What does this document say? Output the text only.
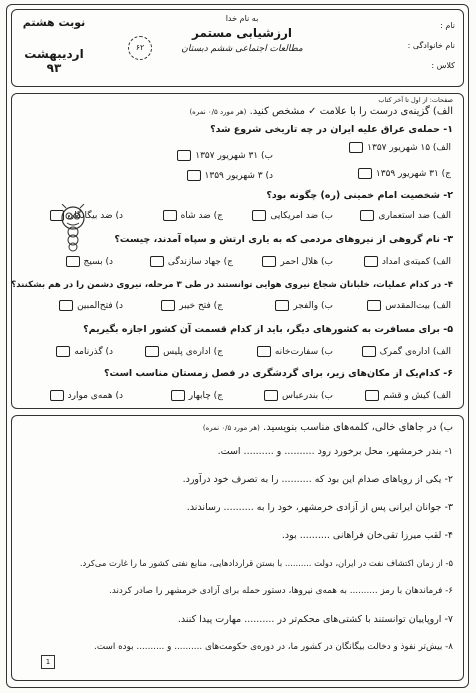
نام :
نام خانوادگی :
کلاس :
به نام خدا
ارزشیابی مستمر
مطالعات اجتماعی ششم دبستان
۶۲
نوبت هشتم
اردیبهشت ۹۳
صفحات: از اول تا آخر کتاب
الف) گزینه‌ی درست را با علامت ✓ مشخص کنید. (هر مورد ۰/۵ نمره)
۱- حمله‌ی عراق علیه ایران در چه تاریخی شروع شد؟
الف) ۱۵ شهریور ۱۳۵۷
ب) ۳۱ شهریور ۱۳۵۷
ج) ۳۱ شهریور ۱۳۵۹
د) ۳ شهریور ۱۳۵۹
۲- شخصیت امام خمینی (ره) چگونه بود؟
الف) ضد استعماری
ب) ضد امریکایی
ج) ضد شاه
د) ضد بیگانگان
۳- نام گروهی از نیروهای مردمی که به یاری ارتش و سپاه آمدند، چیست؟
الف) کمیته‌ی امداد
ب) هلال احمر
ج) جهاد سازندگی
د) بسیج
۴- در کدام عملیات، خلبانان شجاع نیروی هوایی توانستند در طی ۳ مرحله، نیروی دشمن را در هم بشکنند؟
الف) بیت‌المقدس
ب) والفجر
ج) فتح خیبر
د) فتح‌المبین
۵- برای مسافرت به کشورهای دیگر، باید از کدام قسمت آن کشور اجازه بگیریم؟
الف) اداره‌ی گمرک
ب) سفارت‌خانه
ج) اداره‌ی پلیس
د) گذرنامه
۶- کدام‌یک از مکان‌های زیر، برای گردشگری در فصل زمستان مناسب است؟
الف) کیش و قشم
ب) بندرعباس
ج) چابهار
د) همه‌ی موارد
ب) در جاهای خالی، کلمه‌های مناسب بنویسید. (هر مورد ۰/۵ نمره)
۱- بندر خرمشهر، محل برخورد رود .......... و .......... است.
۲- یکی از رویاهای صدام این بود که .......... را به تصرف خود درآورد.
۳- جوانان ایرانی پس از آزادی خرمشهر، خود را به .......... رساندند.
۴- لقب میرزا تقی‌خان فراهانی .......... بود.
۵- از زمان اکتشاف نفت در ایران، دولت .......... با بستن قراردادهایی، منابع نفتی کشور ما را غارت می‌کرد.
۶- فرماندهان با رمز .......... به همه‌ی نیروها، دستور حمله برای آزادی خرمشهر را صادر کردند.
۷- اروپاییان توانستند با کشتی‌های محکم‌تر در .......... مهارت پیدا کنند.
۸- بیش‌تر نفوذ و دخالت بیگانگان در کشور ما، در دوره‌ی حکومت‌های .......... و .......... بوده است.
1
